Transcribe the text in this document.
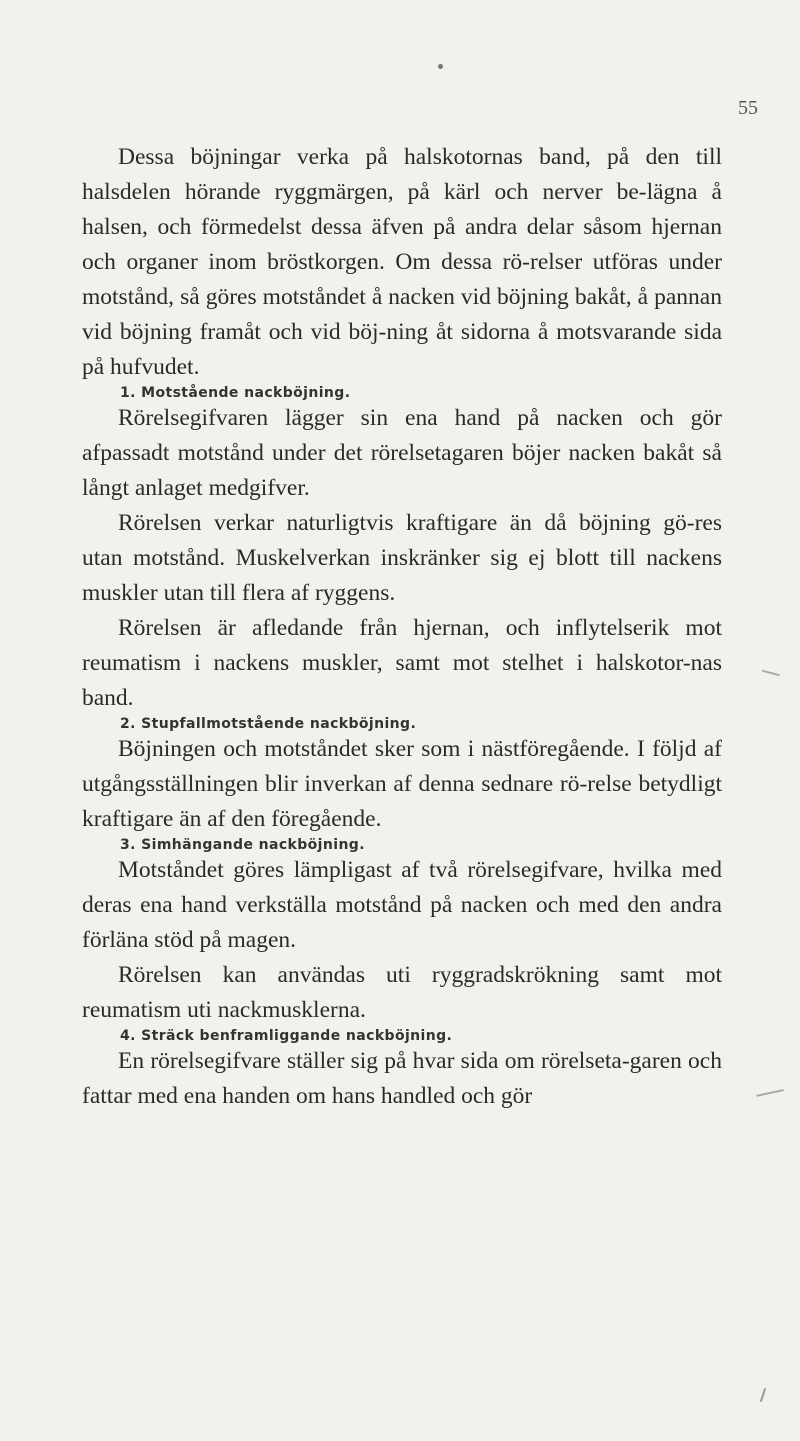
55

Dessa böjningar verka på halskotornas band, på den till halsdelen hörande ryggmärgen, på kärl och nerver be-lägna å halsen, och förmedelst dessa äfven på andra delar såsom hjernan och organer inom bröstkorgen. Om dessa rö-relser utföras under motstånd, så göres motståndet å nacken vid böjning bakåt, å pannan vid böjning framåt och vid böj-ning åt sidorna å motsvarande sida på hufvudet.

1. Motstående nackböjning.

Rörelsegifvaren lägger sin ena hand på nacken och gör afpassadt motstånd under det rörelsetagaren böjer nacken bakåt så långt anlaget medgifver.

Rörelsen verkar naturligtvis kraftigare än då böjning gö-res utan motstånd. Muskelverkan inskränker sig ej blott till nackens muskler utan till flera af ryggens.

Rörelsen är afledande från hjernan, och inflytelserik mot reumatism i nackens muskler, samt mot stelhet i halskotor-nas band.

2. Stupfallmotstående nackböjning.

Böjningen och motståndet sker som i nästföregående. I följd af utgångsställningen blir inverkan af denna sednare rö-relse betydligt kraftigare än af den föregående.

3. Simhängande nackböjning.

Motståndet göres lämpligast af två rörelsegifvare, hvilka med deras ena hand verkställa motstånd på nacken och med den andra förläna stöd på magen.

Rörelsen kan användas uti ryggradskrökning samt mot reumatism uti nackmusklerna.

4. Sträck benframliggande nackböjning.

En rörelsegifvare ställer sig på hvar sida om rörelseta-garen och fattar med ena handen om hans handled och gör
